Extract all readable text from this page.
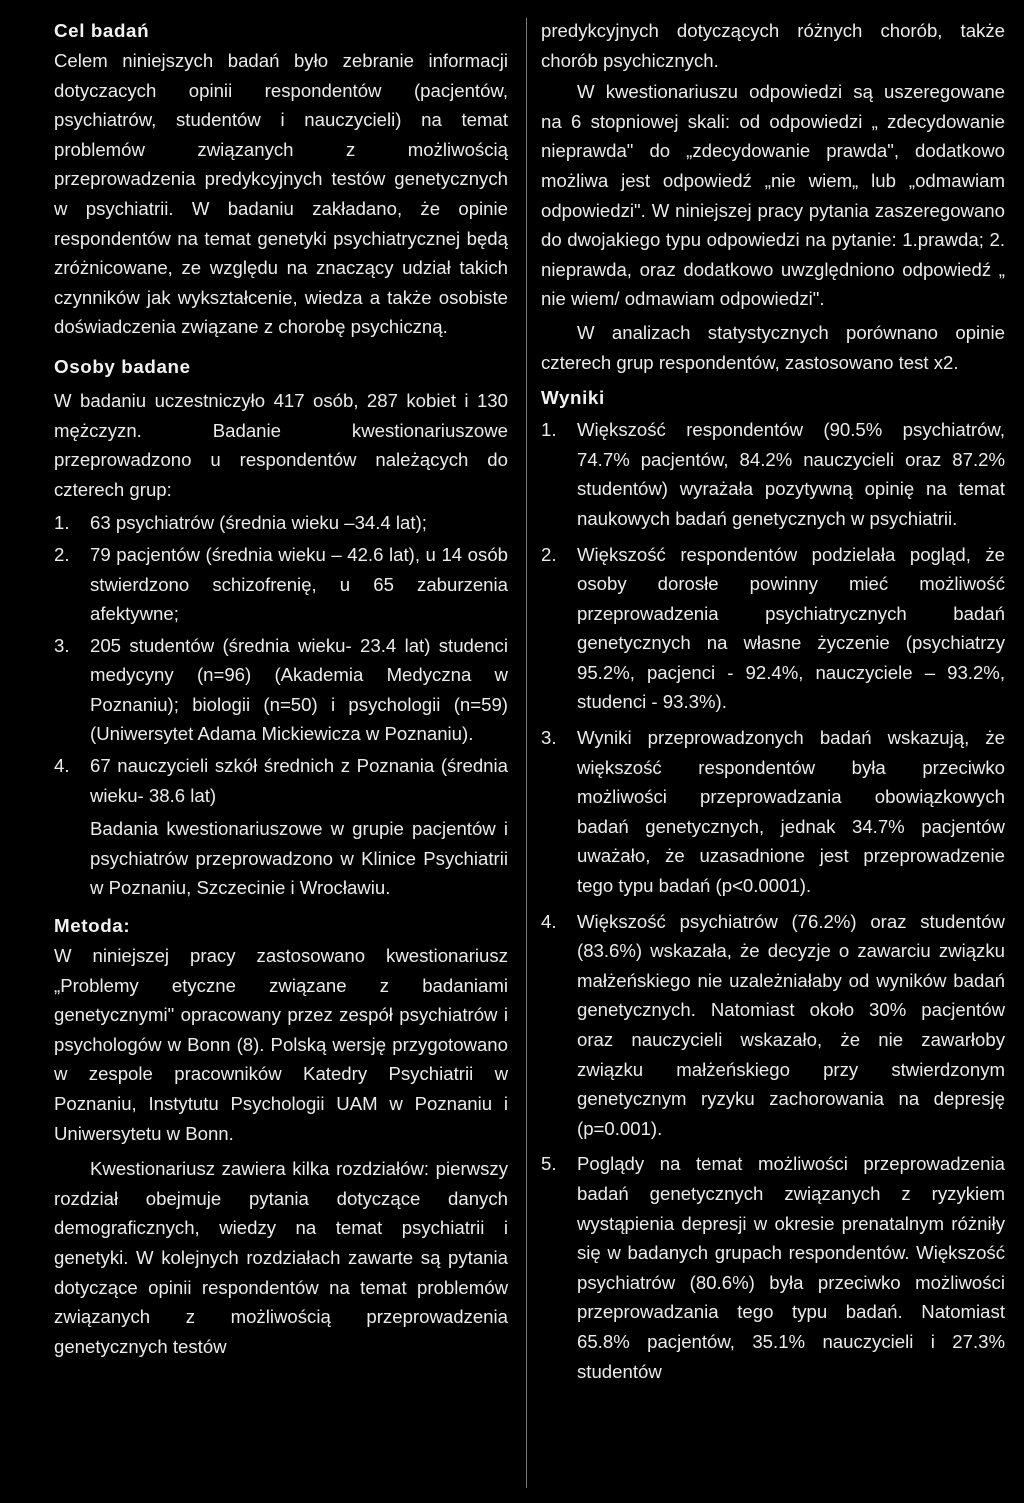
Cel badań

Celem niniejszych badań było zebranie informacji dotyczacych opinii respondentów (pacjentów, psychiatrów, studentów i nauczycieli) na temat problemów związanych z możliwością przeprowadzenia predykcyjnych testów genetycznych w psychiatrii. W badaniu zakładano, że opinie respondentów na temat genetyki psychiatrycznej będą zróżnicowane, ze względu na znaczący udział takich czynników jak wykształcenie, wiedza a także osobiste doświadczenia związane z chorobę psychiczną.

Osoby badane

W badaniu uczestniczyło 417 osób, 287 kobiet i 130 mężczyzn. Badanie kwestionariuszowe przeprowadzono u respondentów należących do czterech grup:

1. 63 psychiatrów (średnia wieku –34.4 lat);
2. 79 pacjentów (średnia wieku – 42.6 lat), u 14 osób stwierdzono schizofrenię, u 65 zaburzenia afektywne;
3. 205 studentów (średnia wieku- 23.4 lat) studenci medycyny (n=96) (Akademia Medyczna w Poznaniu); biologii (n=50) i psychologii (n=59) (Uniwersytet Adama Mickiewicza w Poznaniu).
4. 67 nauczycieli szkół średnich z Poznania (średnia wieku- 38.6 lat)

Badania kwestionariuszowe w grupie pacjentów i psychiatrów przeprowadzono w Klinice Psychiatrii w Poznaniu, Szczecinie i Wrocławiu.

Metoda:

W niniejszej pracy zastosowano kwestionariusz „Problemy etyczne związane z badaniami genetycznymi" opracowany przez zespół psychiatrów i psychologów w Bonn (8). Polską wersję przygotowano w zespole pracowników Katedry Psychiatrii w Poznaniu, Instytutu Psychologii UAM w Poznaniu i Uniwersytetu w Bonn.

Kwestionariusz zawiera kilka rozdziałów: pierwszy rozdział obejmuje pytania dotyczące danych demograficznych, wiedzy na temat psychiatrii i genetyki. W kolejnych rozdziałach zawarte są pytania dotyczące opinii respondentów na temat problemów związanych z możliwością przeprowadzenia genetycznych testów

predykcyjnych dotyczących różnych chorób, także chorób psychicznych.

W kwestionariuszu odpowiedzi są uszeregowane na 6 stopniowej skali: od odpowiedzi „ zdecydowanie nieprawda" do „zdecydowanie prawda", dodatkowo możliwa jest odpowiedź „nie wiem„ lub „odmawiam odpowiedzi". W niniejszej pracy pytania zaszeregowano do dwojakiego typu odpowiedzi na pytanie: 1.prawda; 2. nieprawda, oraz dodatkowo uwzględniono odpowiedź „ nie wiem/ odmawiam odpowiedzi".

W analizach statystycznych porównano opinie czterech grup respondentów, zastosowano test x2.

Wyniki
1. Większość respondentów (90.5% psychiatrów, 74.7% pacjentów, 84.2% nauczycieli oraz 87.2% studentów) wyrażała pozytywną opinię na temat naukowych badań genetycznych w psychiatrii.
2. Większość respondentów podzielała pogląd, że osoby dorosłe powinny mieć możliwość przeprowadzenia psychiatrycznych badań genetycznych na własne życzenie (psychiatrzy 95.2%, pacjenci - 92.4%, nauczyciele – 93.2%, studenci - 93.3%).
3. Wyniki przeprowadzonych badań wskazują, że większość respondentów była przeciwko możliwości przeprowadzania obowiązkowych badań genetycznych, jednak 34.7% pacjentów uważało, że uzasadnione jest przeprowadzenie tego typu badań (p<0.0001).
4. Większość psychiatrów (76.2%) oraz studentów (83.6%) wskazała, że decyzje o zawarciu związku małżeńskiego nie uzależniałaby od wyników badań genetycznych. Natomiast około 30% pacjentów oraz nauczycieli wskazało, że nie zawarłoby związku małżeńskiego przy stwierdzonym genetycznym ryzyku zachorowania na depresję (p=0.001).
5. Poglądy na temat możliwości przeprowadzenia badań genetycznych związanych z ryzykiem wystąpienia depresji w okresie prenatalnym różniły się w badanych grupach respondentów. Większość psychiatrów (80.6%) była przeciwko możliwości przeprowadzania tego typu badań. Natomiast 65.8% pacjentów, 35.1% nauczycieli i 27.3% studentów
